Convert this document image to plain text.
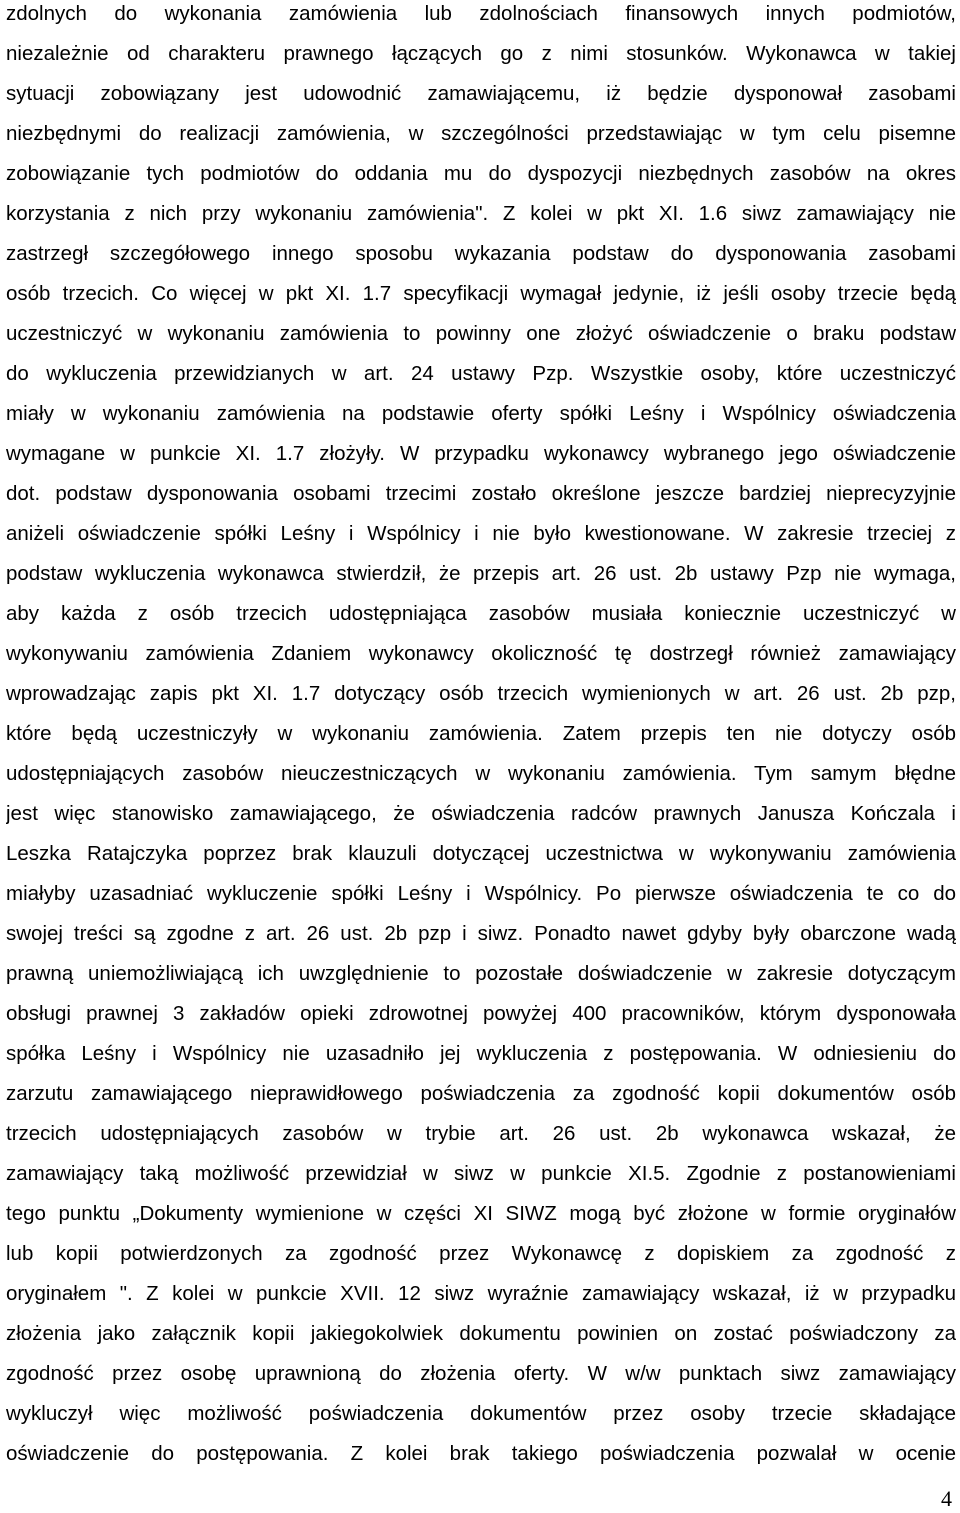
zdolnych do wykonania zamówienia lub zdolnościach finansowych innych podmiotów,
niezależnie od charakteru prawnego łączących go z nimi stosunków. Wykonawca w takiej
sytuacji zobowiązany jest udowodnić zamawiającemu, iż będzie dysponował zasobami
niezbędnymi do realizacji zamówienia, w szczególności przedstawiając w tym celu pisemne
zobowiązanie tych podmiotów do oddania mu do dyspozycji niezbędnych zasobów na okres
korzystania z nich przy wykonaniu zamówienia". Z kolei w pkt XI. 1.6 siwz zamawiający nie
zastrzegł szczegółowego innego sposobu wykazania podstaw do dysponowania zasobami
osób trzecich. Co więcej w pkt XI. 1.7 specyfikacji wymagał jedynie, iż jeśli osoby trzecie będą
uczestniczyć w wykonaniu zamówienia to powinny one złożyć oświadczenie o braku podstaw
do wykluczenia przewidzianych w art. 24 ustawy Pzp. Wszystkie osoby, które uczestniczyć
miały w wykonaniu zamówienia na podstawie oferty spółki Leśny i Wspólnicy oświadczenia
wymagane w punkcie XI. 1.7 złożyły. W przypadku wykonawcy wybranego jego oświadczenie
dot. podstaw dysponowania osobami trzecimi zostało określone jeszcze bardziej nieprecyzyjnie
aniżeli oświadczenie spółki Leśny i Wspólnicy i nie było kwestionowane. W zakresie trzeciej z
podstaw wykluczenia wykonawca stwierdził, że przepis art. 26 ust. 2b ustawy Pzp nie wymaga,
aby każda z osób trzecich udostępniająca zasobów musiała koniecznie uczestniczyć w
wykonywaniu zamówienia Zdaniem wykonawcy okoliczność tę dostrzegł również zamawiający
wprowadzając zapis pkt XI. 1.7 dotyczący osób trzecich wymienionych w art. 26 ust. 2b pzp,
które będą uczestniczyły w wykonaniu zamówienia. Zatem przepis ten nie dotyczy osób
udostępniających zasobów nieuczestniczących w wykonaniu zamówienia. Tym samym błędne
jest więc stanowisko zamawiającego, że oświadczenia radców prawnych Janusza Kończala i
Leszka Ratajczyka poprzez brak klauzuli dotyczącej uczestnictwa w wykonywaniu zamówienia
miałyby uzasadniać wykluczenie spółki Leśny i Wspólnicy. Po pierwsze oświadczenia te co do
swojej treści są zgodne z art. 26 ust. 2b pzp i siwz. Ponadto nawet gdyby były obarczone wadą
prawną uniemożliwiającą ich uwzględnienie to pozostałe doświadczenie w zakresie dotyczącym
obsługi prawnej 3 zakładów opieki zdrowotnej powyżej 400 pracowników, którym dysponowała
spółka Leśny i Wspólnicy nie uzasadniło jej wykluczenia z postępowania. W odniesieniu do
zarzutu zamawiającego nieprawidłowego poświadczenia za zgodność kopii dokumentów osób
trzecich udostępniających zasobów w trybie art. 26 ust. 2b wykonawca wskazał, że
zamawiający taką możliwość przewidział w siwz w punkcie XI.5. Zgodnie z postanowieniami
tego punktu „Dokumenty wymienione w części XI SIWZ mogą być złożone w formie oryginałów
lub kopii potwierdzonych za zgodność przez Wykonawcę z dopiskiem za zgodność z
oryginałem ". Z kolei w punkcie XVII. 12 siwz wyraźnie zamawiający wskazał, iż w przypadku
złożenia jako załącznik kopii jakiegokolwiek dokumentu powinien on zostać poświadczony za
zgodność przez osobę uprawnioną do złożenia oferty. W w/w punktach siwz zamawiający
wykluczył więc możliwość poświadczenia dokumentów przez osoby trzecie składające
oświadczenie do postępowania. Z kolei brak takiego poświadczenia pozwalał w ocenie
4
